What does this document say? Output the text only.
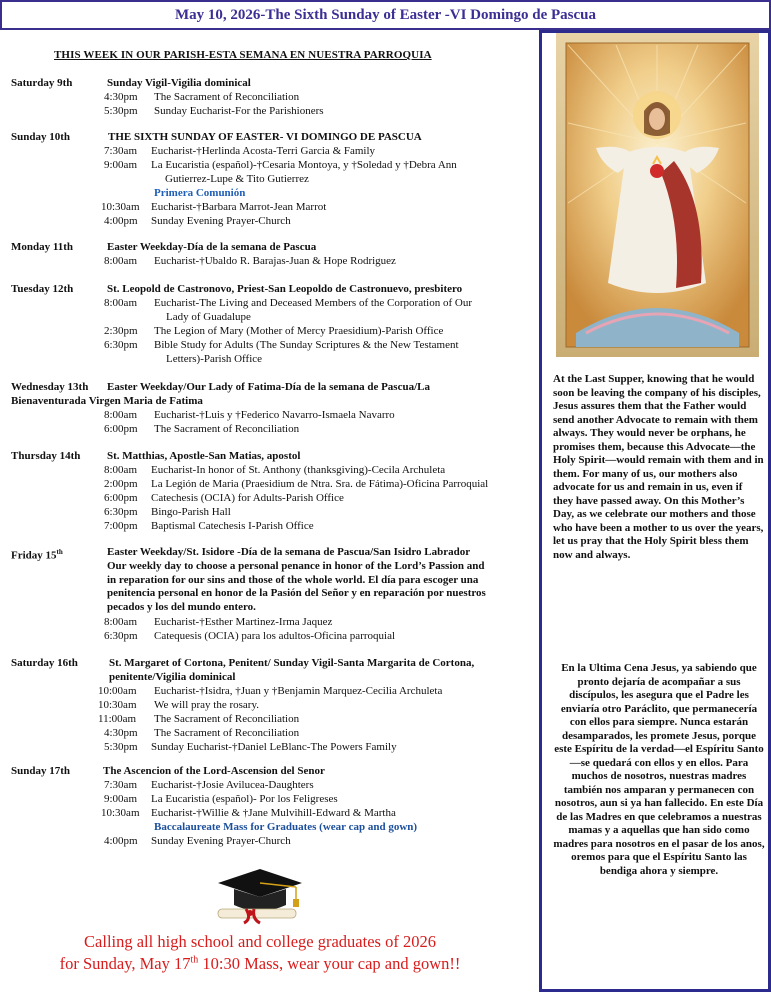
May 10, 2026-The Sixth Sunday of Easter -VI Domingo de Pascua
THIS WEEK IN OUR PARISH-ESTA SEMANA EN NUESTRA PARROQUIA
Saturday 9th	Sunday Vigil-Vigilia dominical
4:30pm The Sacrament of Reconciliation
5:30pm Sunday Eucharist-For the Parishioners
Sunday 10th	THE SIXTH SUNDAY OF EASTER- VI DOMINGO DE PASCUA
7:30am Eucharist-†Herlinda Acosta-Terri Garcia & Family
9:00am La Eucaristia (español)-†Cesaria Montoya, y †Soledad y †Debra Ann
Gutierrez-Lupe & Tito Gutierrez
Primera Comunión
10:30am Eucharist-†Barbara Marrot-Jean Marrot
4:00pm Sunday Evening Prayer-Church
Monday 11th	Easter Weekday-Día de la semana de Pascua
8:00am Eucharist-†Ubaldo R. Barajas-Juan & Hope Rodriguez
Tuesday 12th	St. Leopold de Castronovo, Priest-San Leopoldo de Castronuevo, presbitero
8:00am Eucharist-The Living and Deceased Members of the Corporation of Our
Lady of Guadalupe
2:30pm The Legion of Mary (Mother of Mercy Praesidium)-Parish Office
6:30pm Bible Study for Adults (The Sunday Scriptures & the New Testament
Letters)-Parish Office
Wednesday 13th Easter Weekday/Our Lady of Fatima-Día de la semana de Pascua/La
Bienaventurada Virgen Maria de Fatima
8:00am Eucharist-†Luis y †Federico Navarro-Ismaela Navarro
6:00pm The Sacrament of Reconciliation
Thursday 14th St. Matthias, Apostle-San Matias, apostol
8:00am Eucharist-In honor of St. Anthony (thanksgiving)-Cecila Archuleta
2:00pm La Legión de Maria (Praesidium de Ntra. Sra. de Fátima)-Oficina Parroquial
6:00pm Catechesis (OCIA) for Adults-Parish Office
6:30pm Bingo-Parish Hall
7:00pm Baptismal Catechesis I-Parish Office
Friday 15th	Easter Weekday/St. Isidore -Día de la semana de Pascua/San Isidro Labrador
Our weekly day to choose a personal penance in honor of the Lord’s Passion and
in reparation for our sins and those of the whole world. El día para escoger una
penitencia personal en honor de la Pasión del Señor y en reparación por nuestros
pecados y los del mundo entero.
8:00am Eucharist-†Esther Martinez-Irma Jaquez
6:30pm Catequesis (OCIA) para los adultos-Oficina parroquial
Saturday 16th	St. Margaret of Cortona, Penitent/ Sunday Vigil-Santa Margarita de Cortona,
penitente/Vigilia dominical
10:00am Eucharist-†Isidra, †Juan y †Benjamin Marquez-Cecilia Archuleta
10:30am We will pray the rosary.
11:00am The Sacrament of Reconciliation
4:30pm The Sacrament of Reconciliation
5:30pm Sunday Eucharist-†Daniel LeBlanc-The Powers Family
Sunday 17th	The Ascencion of the Lord-Ascension del Senor
7:30am Eucharist-†Josie Avilucea-Daughters
9:00am La Eucaristia (español)- Por los Feligreses
10:30am Eucharist-†Willie & †Jane Mulvihill-Edward & Martha
Baccalaureate Mass for Graduates (wear cap and gown)
4:00pm Sunday Evening Prayer-Church
Calling all high school and college graduates of 2026
for Sunday, May 17th 10:30 Mass, wear your cap and gown!!
At the Last Supper, knowing that he would soon be leaving the company of his disciples, Jesus assures them that the Father would send another Advocate to remain with them always. They would never be orphans, he promises them, because this Advocate—the Holy Spirit—would remain with them and in them. For many of us, our mothers also advocate for us and remain in us, even if they have passed away. On this Mother’s Day, as we celebrate our mothers and those who have been a mother to us over the years, let us pray that the Holy Spirit bless them now and always.
En la Ultima Cena Jesus, ya sabiendo que pronto dejaría de acompañar a sus discípulos, les asegura que el Padre les enviaría otro Paráclito, que permanecería con ellos para siempre. Nunca estarán desamparados, les promete Jesus, porque este Espíritu de la verdad—el Espíritu Santo—se quedará con ellos y en ellos. Para muchos de nosotros, nuestras madres también nos amparan y permanecen con nosotros, aun si ya han fallecido. En este Día de las Madres en que celebramos a nuestras mamas y a aquellas que han sido como madres para nosotros en el pasar de los anos, oremos para que el Espíritu Santo las bendiga ahora y siempre.
